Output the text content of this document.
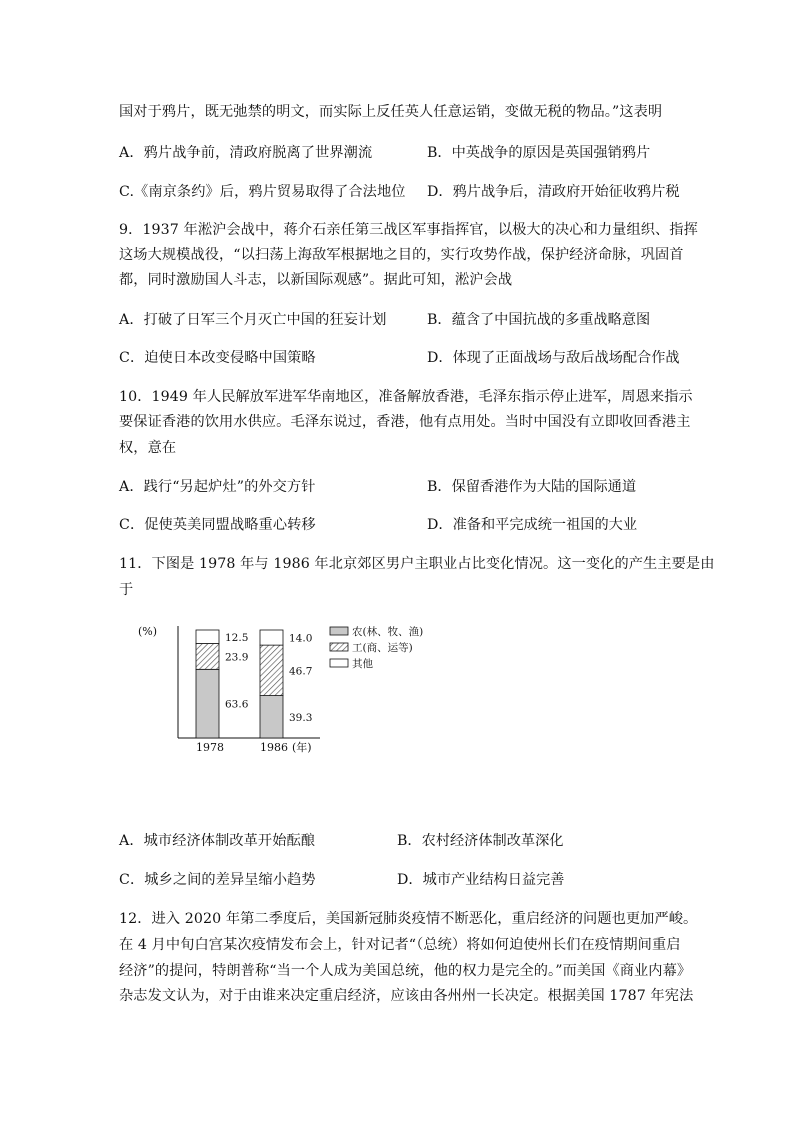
国对于鸦片，既无弛禁的明文，而实际上反任英人任意运销，变做无税的物品。”这表明
A．鸦片战争前，清政府脱离了世界潮流	B．中英战争的原因是英国强销鸦片
C.《南京条约》后，鸦片贸易取得了合法地位 D．鸦片战争后，清政府开始征收鸦片税
9．1937 年淞沪会战中，蒋介石亲任第三战区军事指挥官，以极大的决心和力量组织、指挥
这场大规模战役，“以扫荡上海敌军根据地之目的，实行攻势作战，保护经济命脉，巩固首
都，同时激励国人斗志，以新国际观感”。据此可知，淞沪会战
A．打破了日军三个月灭亡中国的狂妄计划	B．蕴含了中国抗战的多重战略意图
C．迫使日本改变侵略中国策略	D．体现了正面战场与敌后战场配合作战
10．1949 年人民解放军进军华南地区，准备解放香港，毛泽东指示停止进军，周恩来指示
要保证香港的饮用水供应。毛泽东说过，香港，他有点用处。当时中国没有立即收回香港主
权，意在
A．践行“另起炉灶”的外交方针	B．保留香港作为大陆的国际通道
C．促使英美同盟战略重心转移	D．准备和平完成统一祖国的大业
11．下图是 1978 年与 1986 年北京郊区男户主职业占比变化情况。这一变化的产生主要是由
于
(%)
63.6
23.9
12.5
39.3
46.7
14.0
1978	1986 (年)
农(林、牧、渔)
工(商、运等)
其他
A．城市经济体制改革开始酝酿	B．农村经济体制改革深化
C．城乡之间的差异呈缩小趋势	D．城市产业结构日益完善
12．进入 2020 年第二季度后，美国新冠肺炎疫情不断恶化，重启经济的问题也更加严峻。
在 4 月中旬白宫某次疫情发布会上，针对记者“（总统）将如何迫使州长们在疫情期间重启
经济”的提问，特朗普称“当一个人成为美国总统，他的权力是完全的。”而美国《商业内幕》
杂志发文认为，对于由谁来决定重启经济，应该由各州州一长决定。根据美国 1787 年宪法
